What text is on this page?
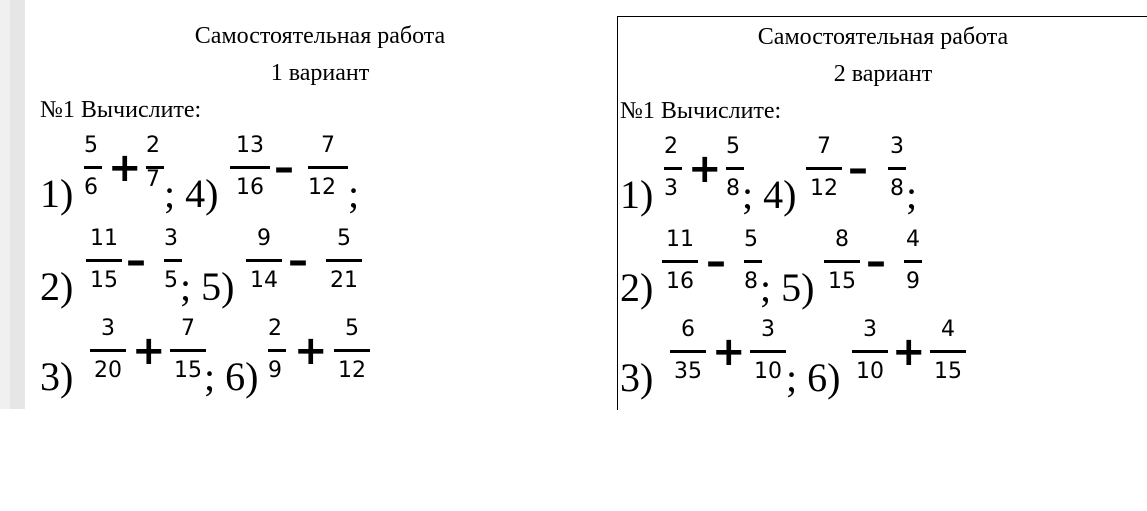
Самостоятельная работа
1 вариант
№1 Вычислите:
1)
5
6 + 2
7 ; 4)
13
16 –	7
12 ;
2)
11
15 – 3
5 ; 5)
9
14 –	5
21
3)
3
20 + 7
15 ; 6)
2
9 + 5
12
Самостоятельная работа
2 вариант
№1 Вычислите:
1)
2
3 + 5
8 ; 4)
7
12 – 3
8 ;
2)
11
16 – 5
8 ; 5)
8
15 – 4
9
3)
6
35 + 3
10 ; 6)
3
10 + 4
15
